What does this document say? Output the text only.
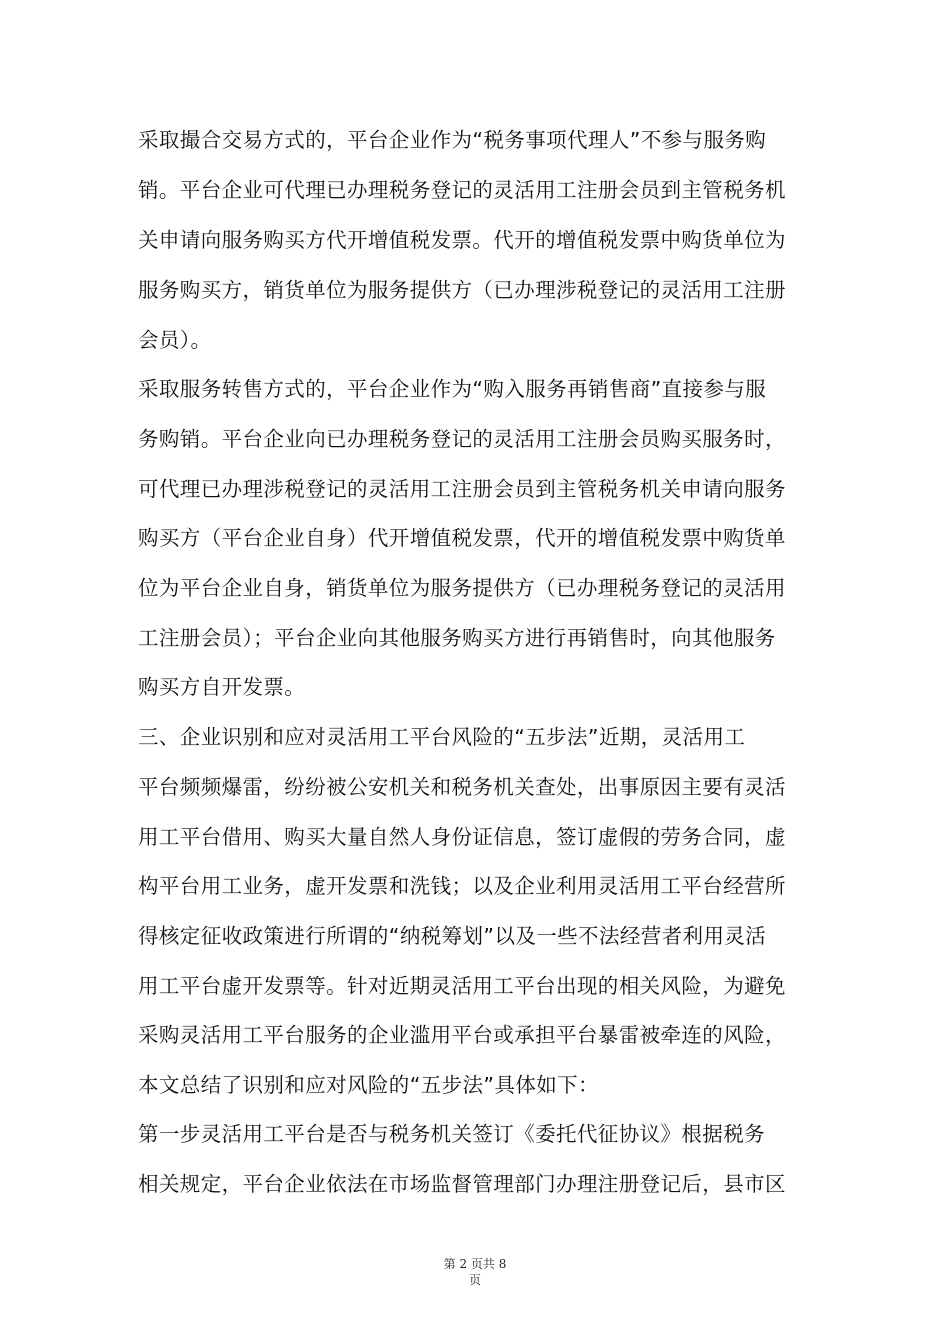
采取撮合交易方式的，平台企业作为“税务事项代理人”不参与服务购
销。平台企业可代理已办理税务登记的灵活用工注册会员到主管税务机
关申请向服务购买方代开增值税发票。代开的增值税发票中购货单位为
服务购买方，销货单位为服务提供方（已办理涉税登记的灵活用工注册
会员）。
采取服务转售方式的，平台企业作为“购入服务再销售商”直接参与服
务购销。平台企业向已办理税务登记的灵活用工注册会员购买服务时，
可代理已办理涉税登记的灵活用工注册会员到主管税务机关申请向服务
购买方（平台企业自身）代开增值税发票，代开的增值税发票中购货单
位为平台企业自身，销货单位为服务提供方（已办理税务登记的灵活用
工注册会员）；平台企业向其他服务购买方进行再销售时，向其他服务
购买方自开发票。
三、企业识别和应对灵活用工平台风险的“五步法”近期，灵活用工
平台频频爆雷，纷纷被公安机关和税务机关查处，出事原因主要有灵活
用工平台借用、购买大量自然人身份证信息，签订虚假的劳务合同，虚
构平台用工业务，虚开发票和洗钱；以及企业利用灵活用工平台经营所
得核定征收政策进行所谓的“纳税筹划”以及一些不法经营者利用灵活
用工平台虚开发票等。针对近期灵活用工平台出现的相关风险，为避免
采购灵活用工平台服务的企业滥用平台或承担平台暴雷被牵连的风险，
本文总结了识别和应对风险的“五步法”具体如下：
第一步灵活用工平台是否与税务机关签订《委托代征协议》根据税务
相关规定，平台企业依法在市场监督管理部门办理注册登记后，县市区
第 2 页共 8
页
